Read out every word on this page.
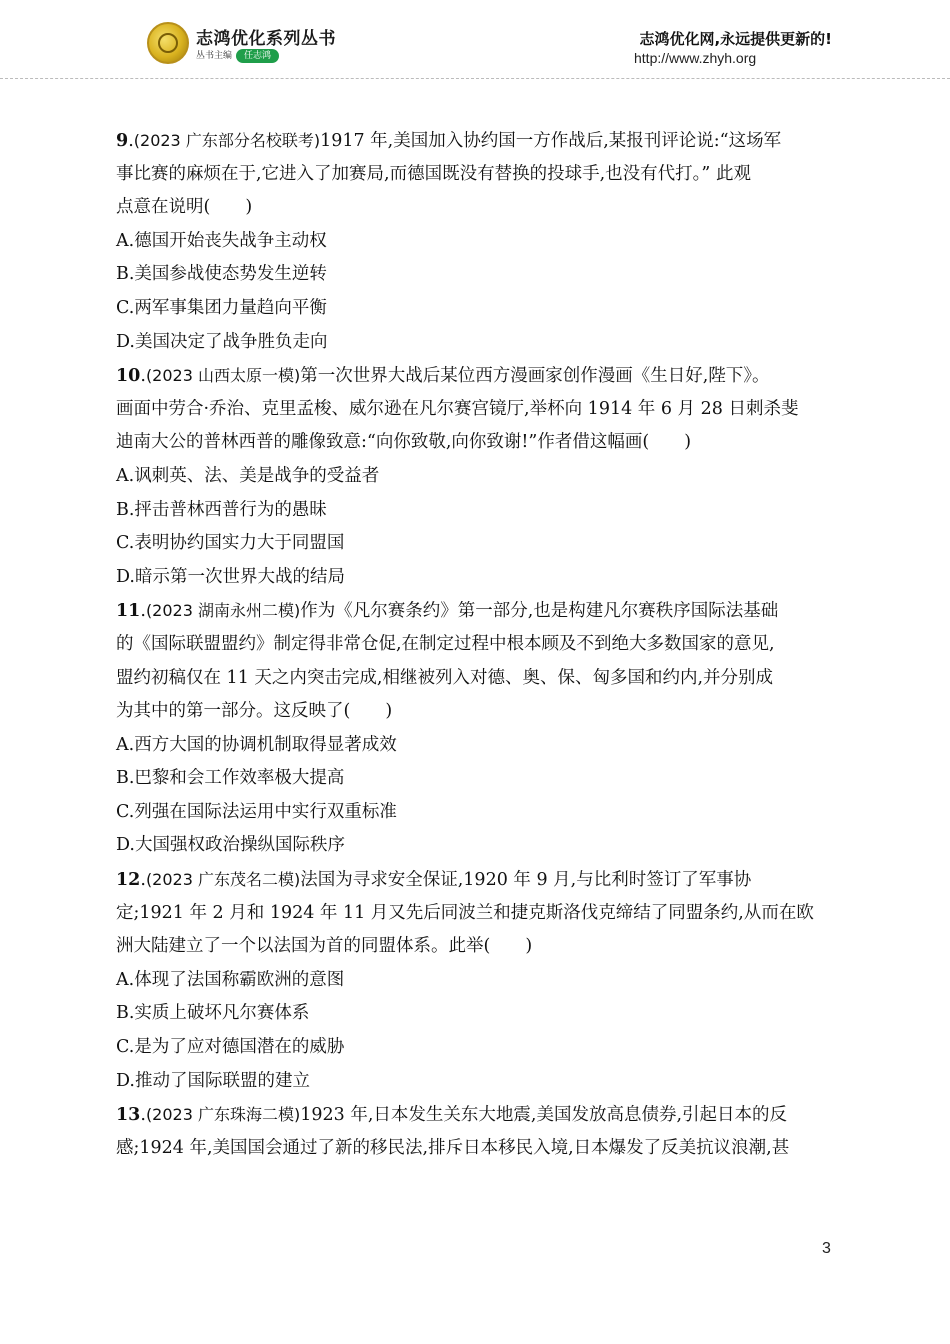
志鸿优化系列丛书
丛书主编 任志鸿
志鸿优化网,永远提供更新的!
http://www.zhyh.org
9.(2023 广东部分名校联考)1917 年,美国加入协约国一方作战后,某报刊评论说:“这场军
事比赛的麻烦在于,它进入了加赛局,而德国既没有替换的投球手,也没有代打。” 此观
点意在说明(　　)
A.德国开始丧失战争主动权
B.美国参战使态势发生逆转
C.两军事集团力量趋向平衡
D.美国决定了战争胜负走向
10.(2023 山西太原一模)第一次世界大战后某位西方漫画家创作漫画《生日好,陛下》。
画面中劳合·乔治、克里孟梭、威尔逊在凡尔赛宫镜厅,举杯向 1914 年 6 月 28 日刺杀斐
迪南大公的普林西普的雕像致意:“向你致敬,向你致谢!”作者借这幅画(　　)
A.讽刺英、法、美是战争的受益者
B.抨击普林西普行为的愚昧
C.表明协约国实力大于同盟国
D.暗示第一次世界大战的结局
11.(2023 湖南永州二模)作为《凡尔赛条约》第一部分,也是构建凡尔赛秩序国际法基础
的《国际联盟盟约》制定得非常仓促,在制定过程中根本顾及不到绝大多数国家的意见,
盟约初稿仅在 11 天之内突击完成,相继被列入对德、奥、保、匈多国和约内,并分别成
为其中的第一部分。这反映了(　　)
A.西方大国的协调机制取得显著成效
B.巴黎和会工作效率极大提高
C.列强在国际法运用中实行双重标准
D.大国强权政治操纵国际秩序
12.(2023 广东茂名二模)法国为寻求安全保证,1920 年 9 月,与比利时签订了军事协
定;1921 年 2 月和 1924 年 11 月又先后同波兰和捷克斯洛伐克缔结了同盟条约,从而在欧
洲大陆建立了一个以法国为首的同盟体系。此举(　　)
A.体现了法国称霸欧洲的意图
B.实质上破坏凡尔赛体系
C.是为了应对德国潜在的威胁
D.推动了国际联盟的建立
13.(2023 广东珠海二模)1923 年,日本发生关东大地震,美国发放高息债券,引起日本的反
感;1924 年,美国国会通过了新的移民法,排斥日本移民入境,日本爆发了反美抗议浪潮,甚
3
